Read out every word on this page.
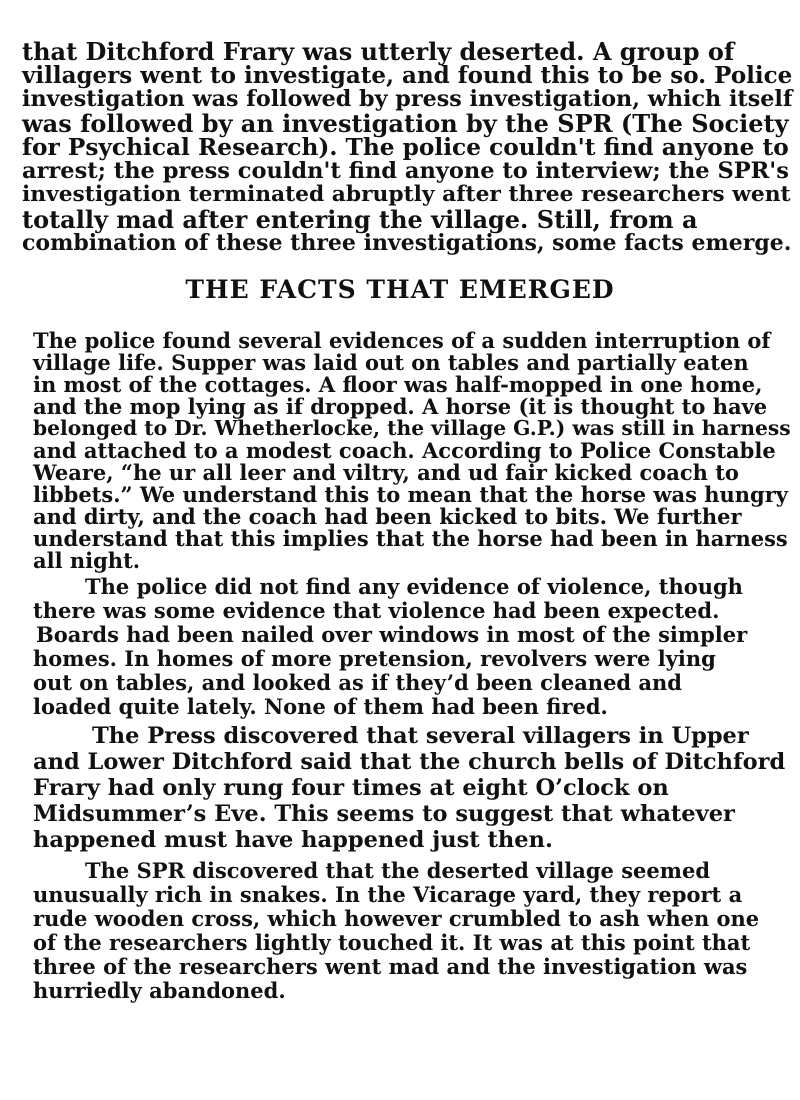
that Ditchford Frary was utterly deserted. A group of
villagers went to investigate, and found this to be so. Police
investigation was followed by press investigation, which itself
was followed by an investigation by the SPR (The Society
for Psychical Research). The police couldn't find anyone to
arrest; the press couldn't find anyone to interview; the SPR's
investigation terminated abruptly after three researchers went
totally mad after entering the village. Still, from a
combination of these three investigations, some facts emerge.
THE FACTS THAT EMERGED
The police found several evidences of a sudden interruption of
village life. Supper was laid out on tables and partially eaten
in most of the cottages. A floor was half-mopped in one home,
and the mop lying as if dropped. A horse (it is thought to have
belonged to Dr. Whetherlocke, the village G.P.) was still in harness
and attached to a modest coach. According to Police Constable
Weare, “he ur all leer and viltry, and ud fair kicked coach to
libbets.” We understand this to mean that the horse was hungry
and dirty, and the coach had been kicked to bits. We further
understand that this implies that the horse had been in harness
all night.
The police did not find any evidence of violence, though
there was some evidence that violence had been expected.
Boards had been nailed over windows in most of the simpler
homes. In homes of more pretension, revolvers were lying
out on tables, and looked as if they’d been cleaned and
loaded quite lately. None of them had been fired.
The Press discovered that several villagers in Upper
and Lower Ditchford said that the church bells of Ditchford
Frary had only rung four times at eight O’clock on
Midsummer’s Eve. This seems to suggest that whatever
happened must have happened just then.
The SPR discovered that the deserted village seemed
unusually rich in snakes. In the Vicarage yard, they report a
rude wooden cross, which however crumbled to ash when one
of the researchers lightly touched it. It was at this point that
three of the researchers went mad and the investigation was
hurriedly abandoned.
